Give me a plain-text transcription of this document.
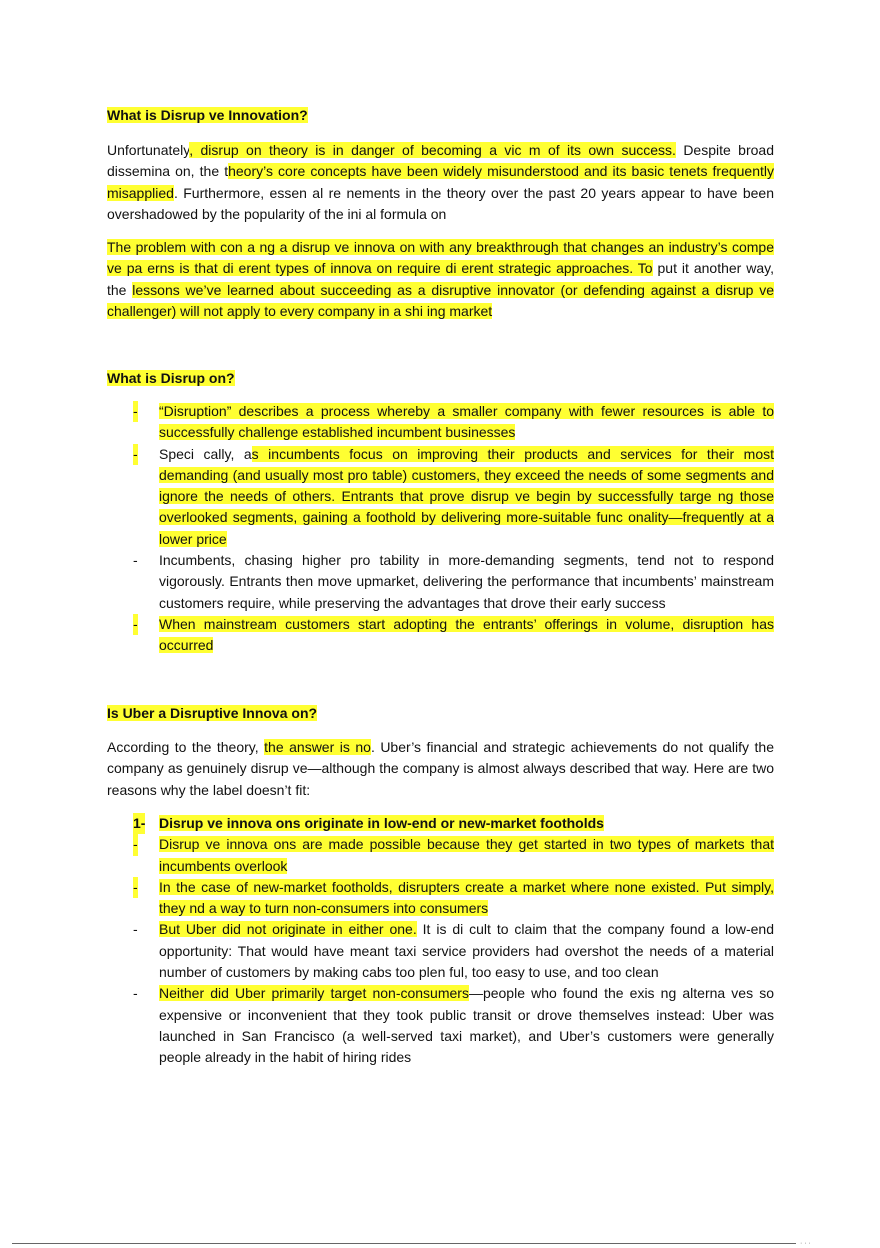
What is Disrup ve Innovation?

Unfortunately, disrup on theory is in danger of becoming a vic m of its own success. Despite broad dissemina on, the theory’s core concepts have been widely misunderstood and its basic tenets frequently misapplied. Furthermore, essen al re nements in the theory over the past 20 years appear to have been overshadowed by the popularity of the ini al formula on

The problem with con a ng a disrup ve innova on with any breakthrough that changes an industry’s compe ve pa erns is that di erent types of innova on require di erent strategic approaches. To put it another way, the lessons we’ve learned about succeeding as a disruptive innovator (or defending against a disrup ve challenger) will not apply to every company in a shi ing market

What is Disrup on?
- “Disruption” describes a process whereby a smaller company with fewer resources is able to successfully challenge established incumbent businesses
- Speci cally, as incumbents focus on improving their products and services for their most demanding (and usually most pro table) customers, they exceed the needs of some segments and ignore the needs of others. Entrants that prove disrup ve begin by successfully targe ng those overlooked segments, gaining a foothold by delivering more-suitable func onality—frequently at a lower price
- Incumbents, chasing higher pro tability in more-demanding segments, tend not to respond vigorously. Entrants then move upmarket, delivering the performance that incumbents’ mainstream customers require, while preserving the advantages that drove their early success
- When mainstream customers start adopting the entrants’ offerings in volume, disruption has occurred
Is Uber a Disruptive Innova on?

According to the theory, the answer is no. Uber’s financial and strategic achievements do not qualify the company as genuinely disrup ve—although the company is almost always described that way. Here are two reasons why the label doesn’t fit:

1- Disrup ve innova ons originate in low-end or new-market footholds
- Disrup ve innova ons are made possible because they get started in two types of markets that incumbents overlook
- In the case of new-market footholds, disrupters create a market where none existed. Put simply, they nd a way to turn non-consumers into consumers
- But Uber did not originate in either one. It is di cult to claim that the company found a low-end opportunity: That would have meant taxi service providers had overshot the needs of a material number of customers by making cabs too plen ful, too easy to use, and too clean
- Neither did Uber primarily target non-consumers—people who found the exis ng alterna ves so expensive or inconvenient that they took public transit or drove themselves instead: Uber was launched in San Francisco (a well-served taxi market), and Uber’s customers were generally people already in the habit of hiring rides
· · ·
